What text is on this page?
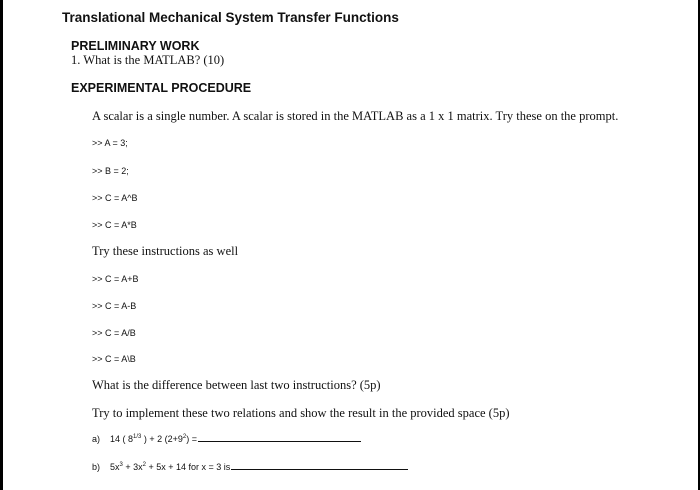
Translational Mechanical System Transfer Functions
PRELIMINARY WORK
1. What is the MATLAB? (10)
EXPERIMENTAL PROCEDURE
A scalar is a single number. A scalar is stored in the MATLAB as a 1 x 1 matrix. Try these on the prompt.
>> A = 3;
>> B = 2;
>> C = A^B
>> C = A*B
Try these instructions as well
>> C = A+B
>> C = A-B
>> C = A/B
>> C = A\B
What is the difference between last two instructions? (5p)
Try to implement these two relations and show the result in the provided space (5p)
a) 14 ( $8^{1/3}$ ) + 2 $(2+9^2)$ =
b) $5x^3 + 3x^2 + 5x + 14$ for x = 3 is
